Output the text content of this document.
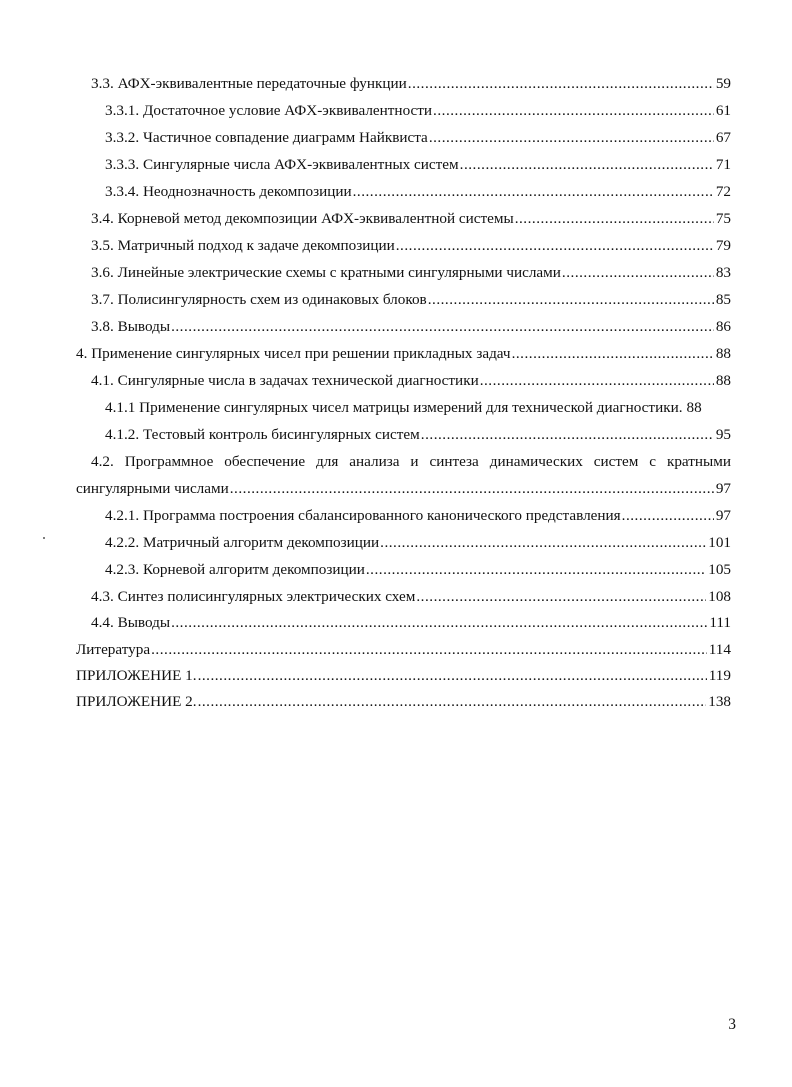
3.3. АФХ-эквивалентные передаточные функции .....	59
3.3.1. Достаточное условие АФХ-эквивалентности .....	61
3.3.2. Частичное совпадение диаграмм Найквиста .....	67
3.3.3. Сингулярные числа АФХ-эквивалентных систем .....	71
3.3.4. Неоднозначность декомпозиции .....	72
3.4. Корневой метод декомпозиции АФХ-эквивалентной системы .....	75
3.5. Матричный подход к задаче декомпозиции .....	79
3.6. Линейные электрические схемы с кратными сингулярными числами .....	83
3.7. Полисингулярность схем из одинаковых блоков .....	85
3.8. Выводы .....	86
4. Применение сингулярных чисел при решении прикладных задач .....	88
4.1. Сингулярные числа в задачах технической диагностики .....	88
4.1.1 Применение сингулярных чисел матрицы измерений для технической диагностики. 88
4.1.2. Тестовый контроль бисингулярных систем .....	95
4.2. Программное обеспечение для анализа и синтеза динамических систем с кратными
сингулярными числами .....	97
4.2.1. Программа построения сбалансированного канонического представления .....	97
4.2.2. Матричный алгоритм декомпозиции .....	101
4.2.3. Корневой алгоритм декомпозиции .....	105
4.3. Синтез полисингулярных электрических схем .....	108
4.4. Выводы .....	111
Литература .....	114
ПРИЛОЖЕНИЕ 1. .....	119
ПРИЛОЖЕНИЕ 2. .....	138
3
